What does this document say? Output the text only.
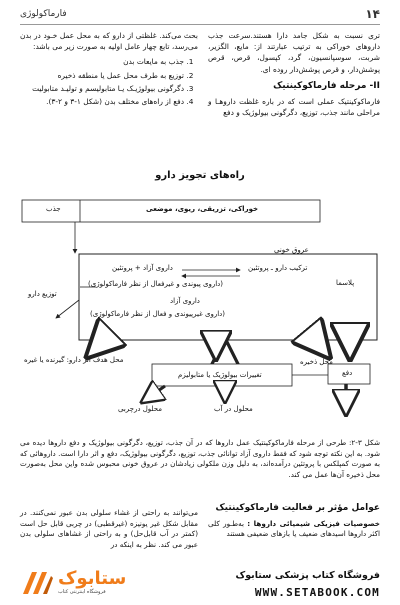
فارماکولوژی	۱۴

تری نسبت به شکل جامد دارا هستند.سرعت جذب داروهای خوراکی به ترتیب عبارتند از: مایع، الگزیر، شربت، سوسپانسیون، گرد، کپسول، قرص، قرص پوشش‌دار، و قرص پوشش‌دار روده ای.

II- مرحله فارماکوکینتیک

فارماکوکینتیک عملی است که در باره غلظت داروهـا و مراحلی مانند جذب، توزیع، دگرگونی بیولوژیک و دفع

بحث می‌کند. غلظتی از دارو که به محل عمل خـود در بدن می‌رسد، تابع چهار عامل اولیه به صورت زیر می باشد:

1. جذب به مایعات بدن
2. توزیع به طرف محل عمل یا منطقه ذخیره
3. دگرگونی بیولوژیـک یـا متابولیسم و تولیـد متابولیت
4. دفع از راه‌های مختلف بدن (شکل ۱-۳ و ۲-۳).
راه‌های تجویز دارو
جذب	خوراکی، تزریقی، ریوی، موضعی
عروق خونی
پلاسما
توزیع دارو
ترکیب دارو ـ پروتئین
داروی آزاد + پروتئین
(داروی پیوندی و غیرفعال از نظر فارماکولوژی)
داروی آزاد
(داروی غیرپیوندی و فعال از نظر فارماکولوژی)
محل هدف اثر دارو: گیرنده یا غیره
تغییرات بیولوژیک یا متابولیزم	دفع
محل ذخیره
محلول در آب
محلول درچربی
شکل ۳-۲: طرحی از مرحله فارماکوکینتیک عمل داروها که در آن جذب، توزیع، دگرگونی بیولوژیک و دفع داروها دیده می شود. به این نکته توجه شود که فقط داروی آزاد توانائی جذب، توزیع، دگرگونی بیولوژیک، دفع و اثر دارا است. داروهائی که به صورت کمپلکس با پروتئین درآمده‌اند، به دلیل وزن ملکولی زیادشان در عروق خونی محبوس شده واین محل به‌صورت محل ذخیره آن‌ها عمل می کند.
عوامل مؤثر بر فعالیت فارماکوکینتیک
خصوصیات فیزیکی شیمیائی داروها : به‌طـور کلی اکثر داروها اسیدهای ضعیف یا بازهای ضعیفی هستند
می‌توانند به راحتی از غشاء سلولی بدن عبور نمی‌کنند. در مقابل شکل غیر یونیزه (غیرقطبی) در چربی قابل حل است (کمتر در آب قابل‌حل) و به راحتی از غشاهای سلولی بدن عبور می کند. نظر به اینکه در
ستابوک
فروشگاه اینترنتی کتاب
فروشگاه کتاب پزشکی ستابوک
WWW.SETABOOK.COM
